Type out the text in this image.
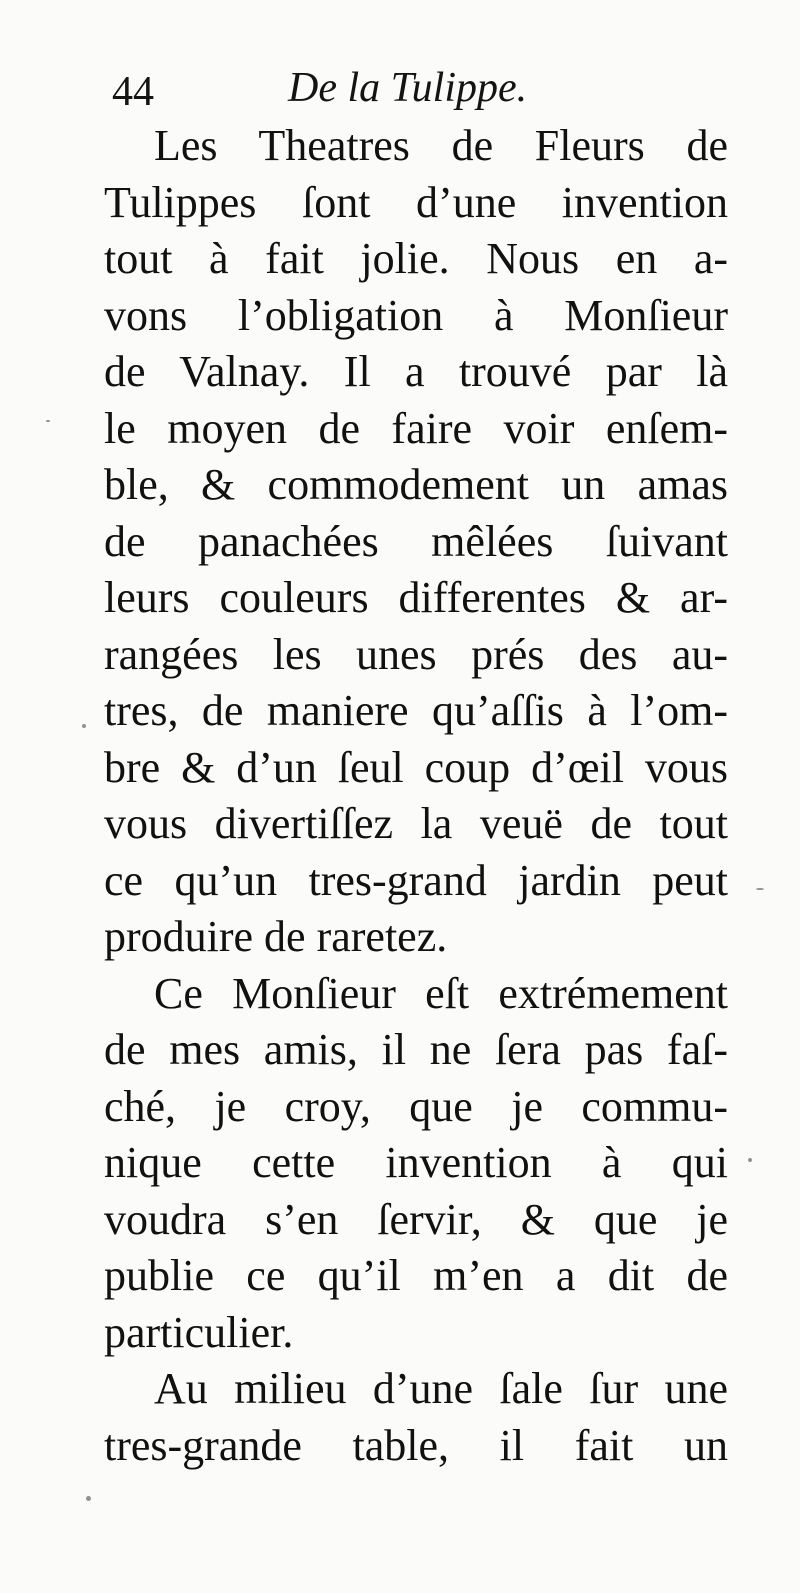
44	De la Tulippe.
Les Theatres de Fleurs de
Tulippes ſont d’une invention
tout à fait jolie. Nous en a-
vons l’obligation à Monſieur
de Valnay. Il a trouvé par là
le moyen de faire voir enſem-
ble, & commodement un amas
de panachées mêlées ſuivant
leurs couleurs differentes & ar-
rangées les unes prés des au-
tres, de maniere qu’aſſis à l’om-
bre & d’un ſeul coup d’œil vous
vous divertiſſez la veuë de tout
ce qu’un tres-grand jardin peut
produire de raretez.
Ce Monſieur eſt extrémement
de mes amis, il ne ſera pas faſ-
ché, je croy, que je commu-
nique cette invention à qui
voudra s’en ſervir, & que je
publie ce qu’il m’en a dit de
particulier.
Au milieu d’une ſale ſur une
tres-grande table, il fait un
